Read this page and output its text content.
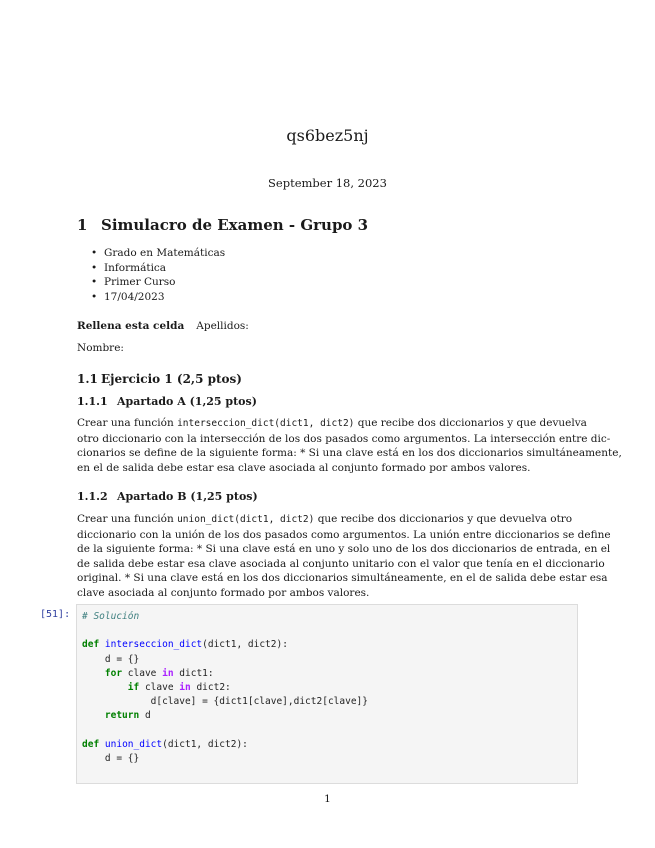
qs6bez5nj
September 18, 2023
1 Simulacro de Examen - Grupo 3
• Grado en Matemáticas
• Informática
• Primer Curso
• 17/04/2023
Rellena esta celda Apellidos:
Nombre:
1.1 Ejercicio 1 (2,5 ptos)
1.1.1 Apartado A (1,25 ptos)
Crear una función interseccion_dict(dict1, dict2) que recibe dos diccionarios y que devuelva
otro diccionario con la intersección de los dos pasados como argumentos. La intersección entre dic-
cionarios se define de la siguiente forma: * Si una clave está en los dos diccionarios simultáneamente,
en el de salida debe estar esa clave asociada al conjunto formado por ambos valores.
1.1.2 Apartado B (1,25 ptos)
Crear una función union_dict(dict1, dict2) que recibe dos diccionarios y que devuelva otro
diccionario con la unión de los dos pasados como argumentos. La unión entre diccionarios se define
de la siguiente forma: * Si una clave está en uno y solo uno de los dos diccionarios de entrada, en el
de salida debe estar esa clave asociada al conjunto unitario con el valor que tenía en el diccionario
original. * Si una clave está en los dos diccionarios simultáneamente, en el de salida debe estar esa
clave asociada al conjunto formado por ambos valores.
[51]: # Solución
def interseccion_dict(dict1, dict2):
d = {}
for clave in dict1:
if clave in dict2:
d[clave] = {dict1[clave],dict2[clave]}
return d
def union_dict(dict1, dict2):
d = {}
1
